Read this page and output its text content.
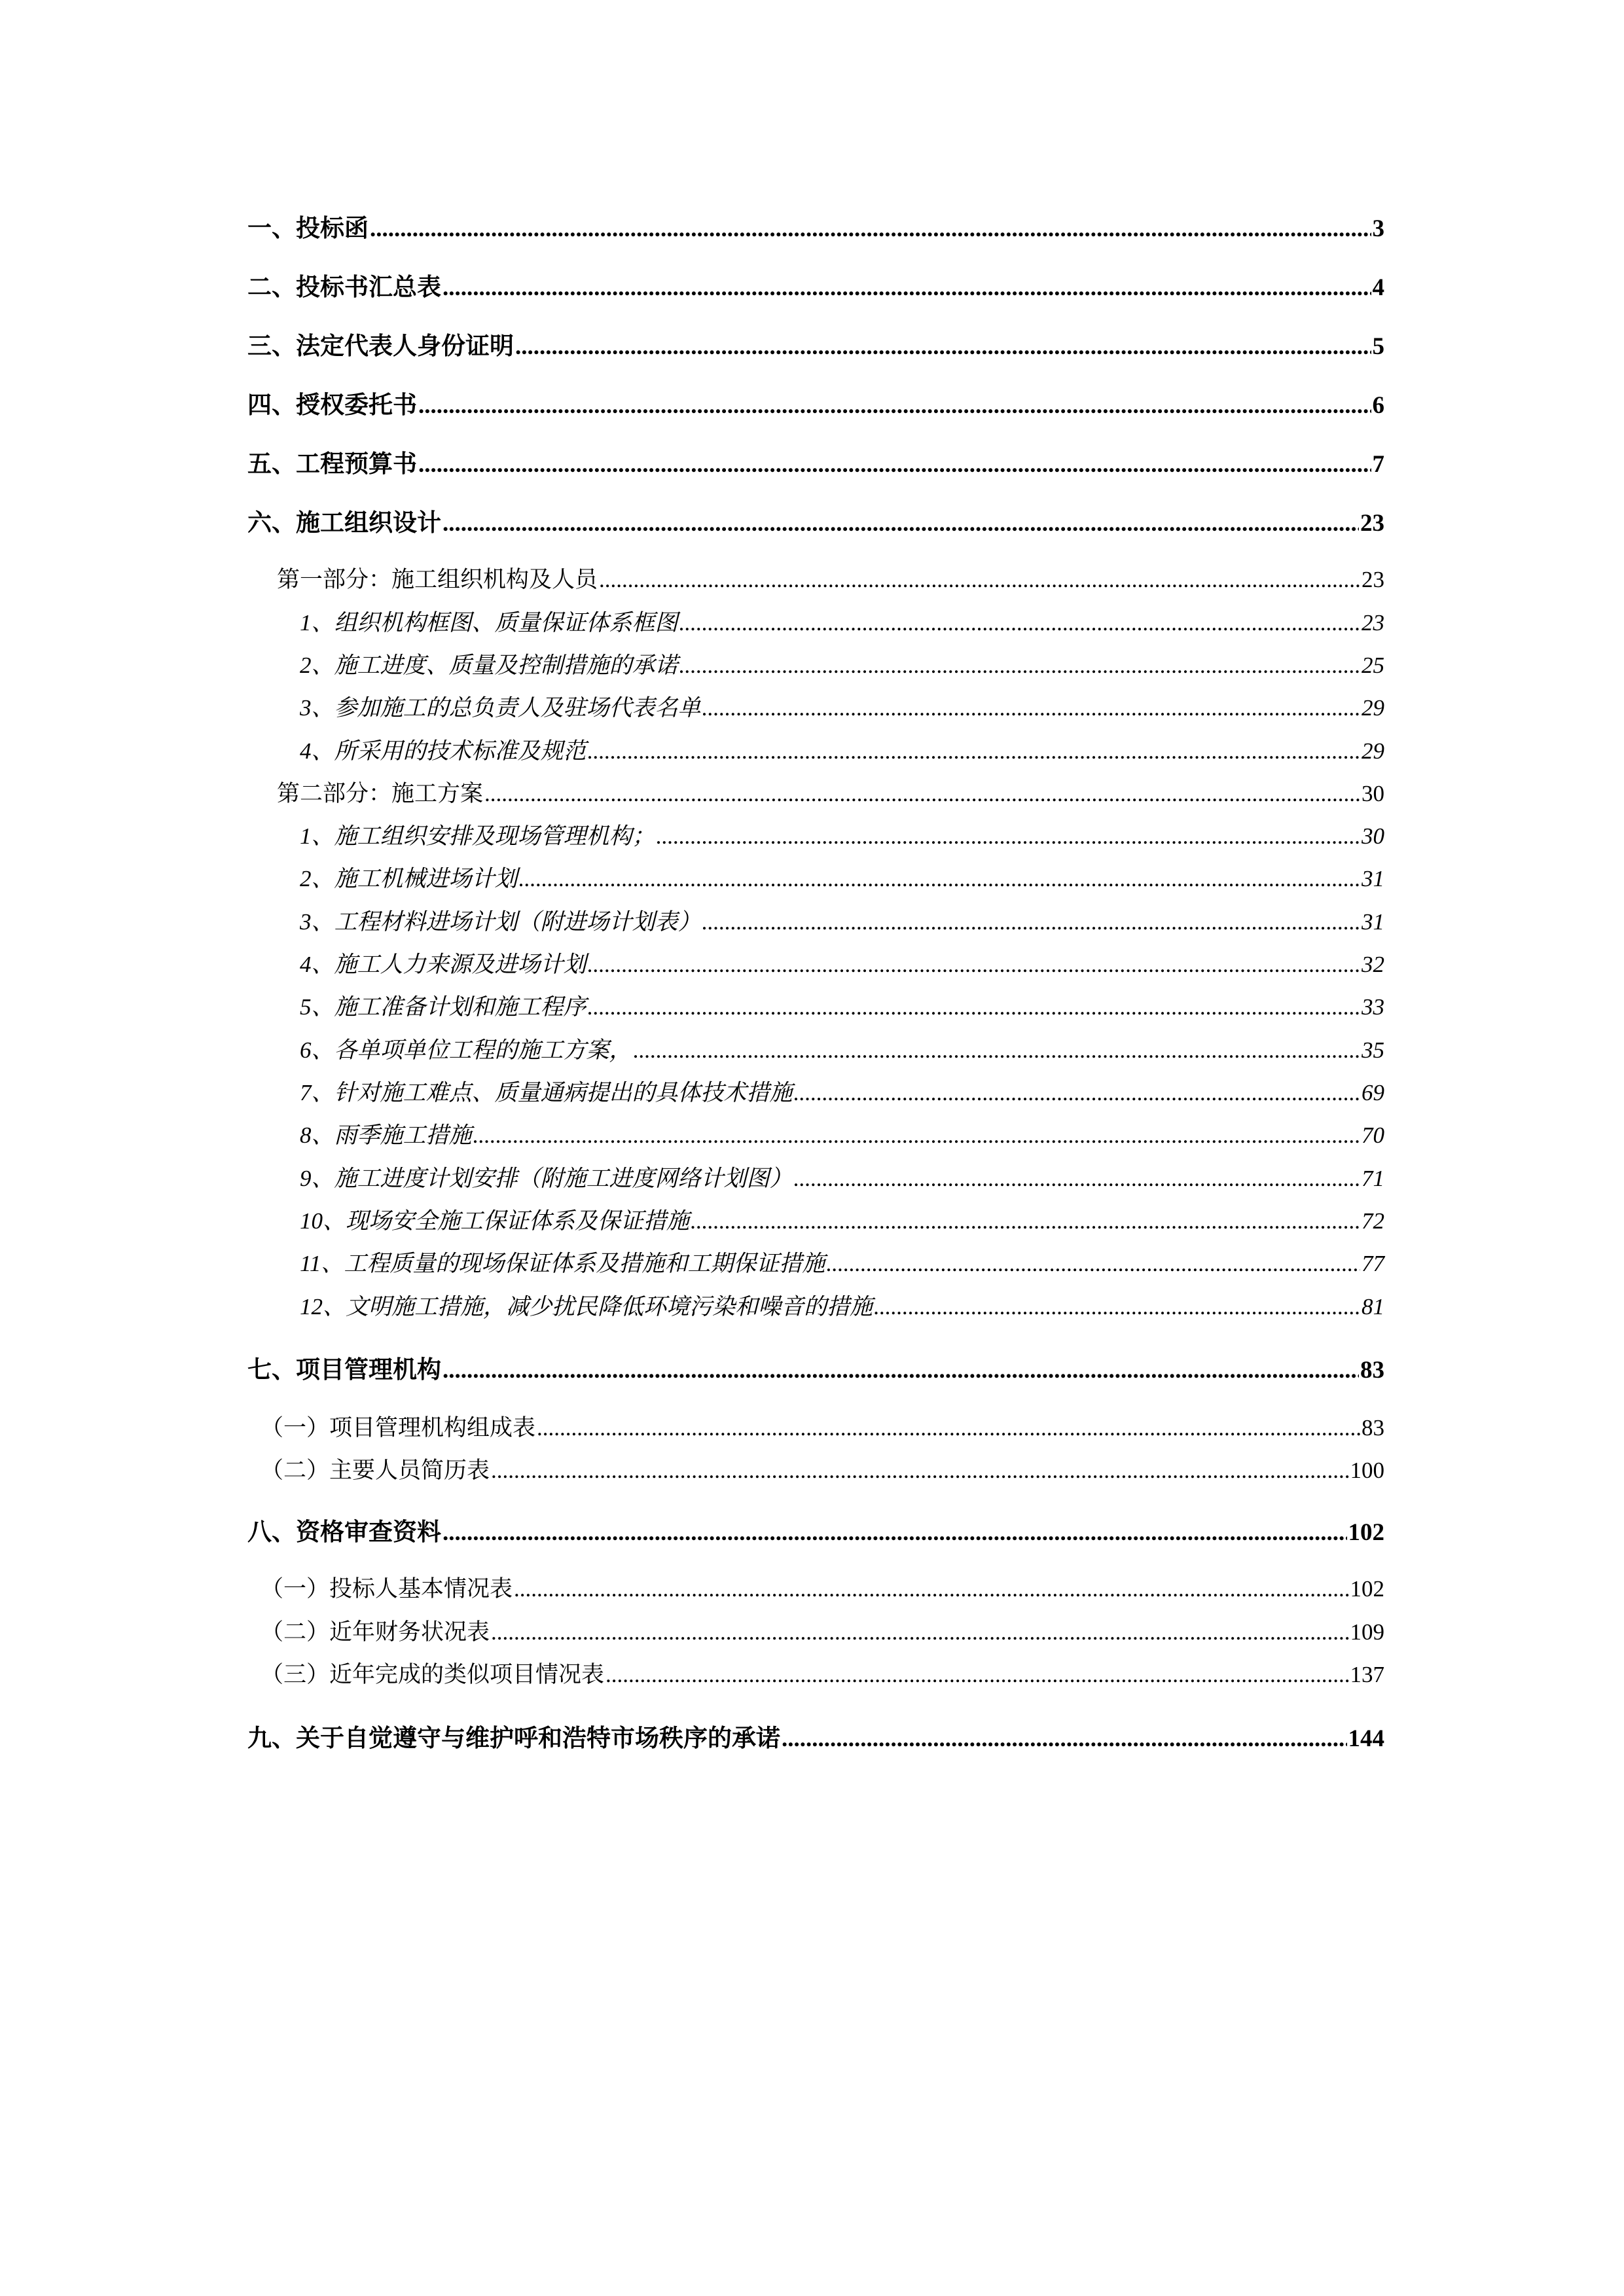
一、投标函 .....	3
二、投标书汇总表 .....	4
三、法定代表人身份证明 .....	5
四、授权委托书 .....	6
五、工程预算书 .....	7
六、施工组织设计 .....	23
第一部分：施工组织机构及人员 .....	23
1、组织机构框图、质量保证体系框图 .....	23
2、施工进度、质量及控制措施的承诺 .....	25
3、参加施工的总负责人及驻场代表名单 .....	29
4、所采用的技术标准及规范 .....	29
第二部分：施工方案 .....	30
1、施工组织安排及现场管理机构； .....	30
2、施工机械进场计划 .....	31
3、工程材料进场计划（附进场计划表） .....	31
4、施工人力来源及进场计划 .....	32
5、施工准备计划和施工程序 .....	33
6、各单项单位工程的施工方案， .....	35
7、针对施工难点、质量通病提出的具体技术措施 .....	69
8、雨季施工措施 .....	70
9、施工进度计划安排（附施工进度网络计划图） .....	71
10、现场安全施工保证体系及保证措施 .....	72
11、工程质量的现场保证体系及措施和工期保证措施 .....	77
12、文明施工措施，减少扰民降低环境污染和噪音的措施 .....	81
七、项目管理机构 .....	83
（一）项目管理机构组成表 .....	83
（二）主要人员简历表 .....	100
八、资格审查资料 .....	102
（一）投标人基本情况表 .....	102
（二）近年财务状况表 .....	109
（三）近年完成的类似项目情况表 .....	137
九、关于自觉遵守与维护呼和浩特市场秩序的承诺 .....	144
